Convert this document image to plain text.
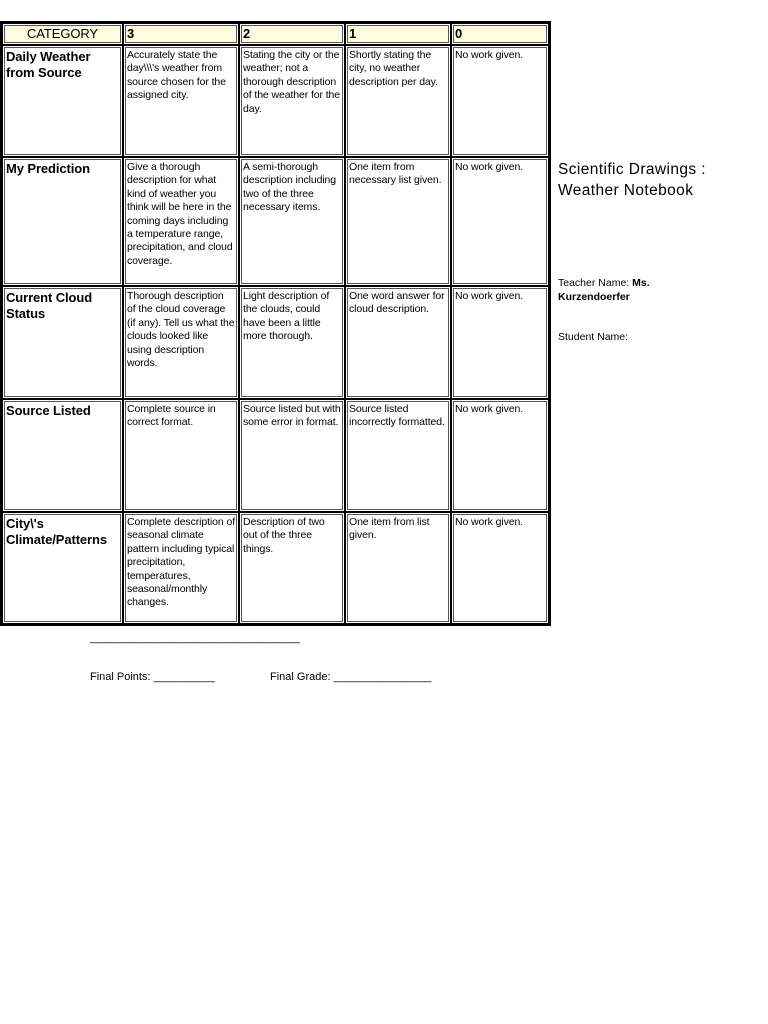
CATEGORY	3	2	1	0
Daily Weather from Source	Accurately state the day\\\'s weather from source chosen for the assigned city.	Stating the city or the weather; not a thorough description of the weather for the day.	Shortly stating the city, no weather description per day.	No work given.
My Prediction	Give a thorough description for what kind of weather you think will be here in the coming days including a temperature range, precipitation, and cloud coverage.	A semi-thorough description including two of the three necessary items.	One item from necessary list given.	No work given.
Current Cloud Status	Thorough description of the cloud coverage (if any). Tell us what the clouds looked like using description words.	Light description of the clouds, could have been a little more thorough.	One word answer for cloud description.	No work given.
Source Listed	Complete source in correct format.	Source listed but with some error in format.	Source listed incorrectly formatted.	No work given.
City\'s Climate/Patterns	Complete description of seasonal climate pattern including typical precipitation, temperatures, seasonal/monthly changes.	Description of two out of the three things.	One item from list given.	No work given.
Scientific Drawings : Weather Notebook
Teacher Name: Ms. Kurzendoerfer
Student Name:
____________________________________
Final Points: __________	Final Grade: ________________
